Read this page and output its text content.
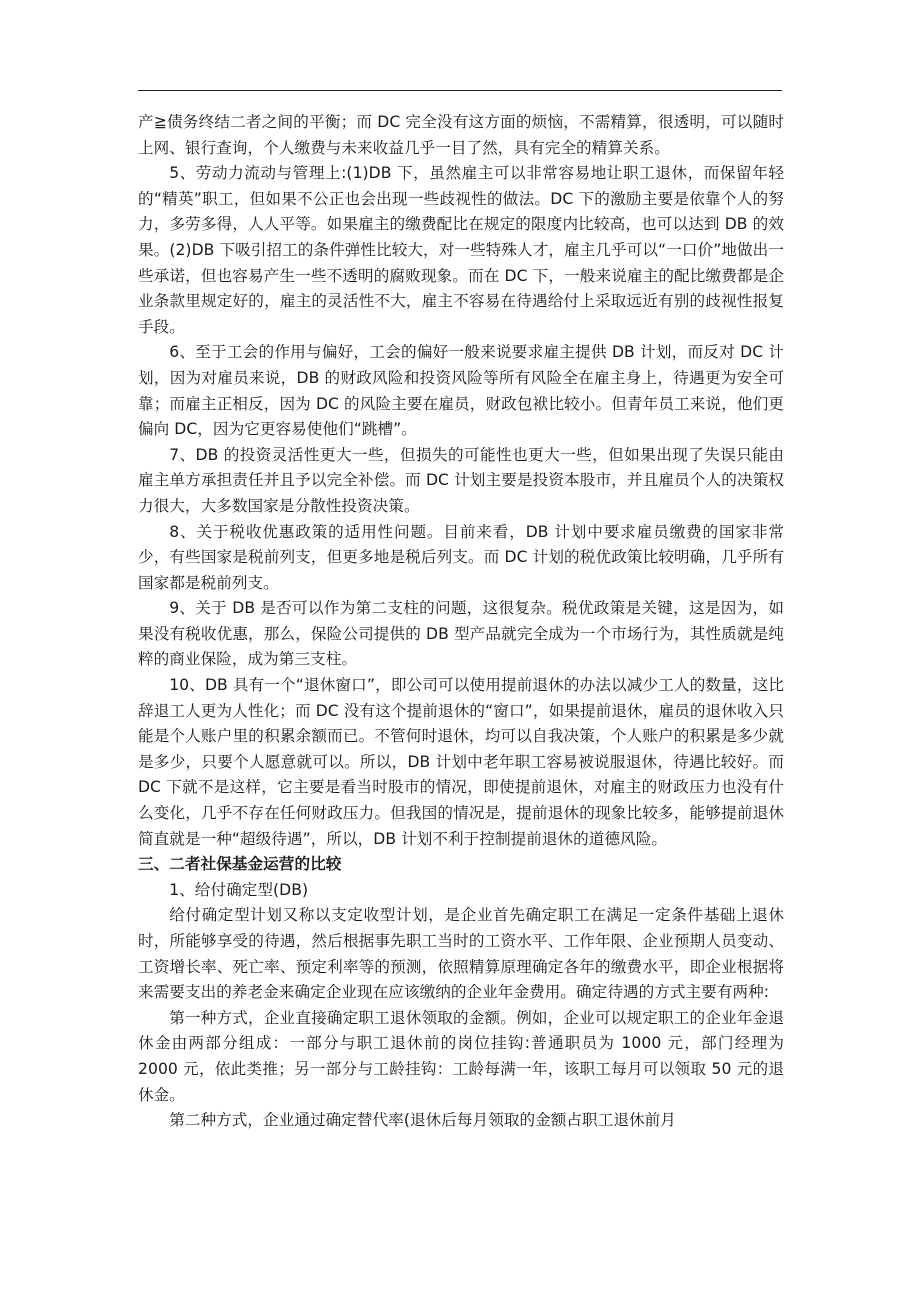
产≧债务终结二者之间的平衡；而 DC 完全没有这方面的烦恼，不需精算，很透明，可以随时上网、银行查询，个人缴费与未来收益几乎一目了然，具有完全的精算关系。

5、劳动力流动与管理上:(1)DB 下，虽然雇主可以非常容易地让职工退休，而保留年轻的“精英”职工，但如果不公正也会出现一些歧视性的做法。DC 下的激励主要是依靠个人的努力，多劳多得，人人平等。如果雇主的缴费配比在规定的限度内比较高，也可以达到 DB 的效果。(2)DB 下吸引招工的条件弹性比较大，对一些特殊人才，雇主几乎可以“一口价”地做出一些承诺，但也容易产生一些不透明的腐败现象。而在 DC 下，一般来说雇主的配比缴费都是企业条款里规定好的，雇主的灵活性不大，雇主不容易在待遇给付上采取远近有别的歧视性报复手段。

6、至于工会的作用与偏好，工会的偏好一般来说要求雇主提供 DB 计划，而反对 DC 计划，因为对雇员来说，DB 的财政风险和投资风险等所有风险全在雇主身上，待遇更为安全可靠；而雇主正相反，因为 DC 的风险主要在雇员，财政包袱比较小。但青年员工来说，他们更偏向 DC，因为它更容易使他们“跳槽”。

7、DB 的投资灵活性更大一些，但损失的可能性也更大一些，但如果出现了失误只能由雇主单方承担责任并且予以完全补偿。而 DC 计划主要是投资本股市，并且雇员个人的决策权力很大，大多数国家是分散性投资决策。

8、关于税收优惠政策的适用性问题。目前来看，DB 计划中要求雇员缴费的国家非常少，有些国家是税前列支，但更多地是税后列支。而 DC 计划的税优政策比较明确，几乎所有国家都是税前列支。

9、关于 DB 是否可以作为第二支柱的问题，这很复杂。税优政策是关键，这是因为，如果没有税收优惠，那么，保险公司提供的 DB 型产品就完全成为一个市场行为，其性质就是纯粹的商业保险，成为第三支柱。

10、DB 具有一个“退休窗口”，即公司可以使用提前退休的办法以减少工人的数量，这比辞退工人更为人性化；而 DC 没有这个提前退休的“窗口”，如果提前退休，雇员的退休收入只能是个人账户里的积累余额而已。不管何时退休，均可以自我决策，个人账户的积累是多少就是多少，只要个人愿意就可以。所以，DB 计划中老年职工容易被说服退休，待遇比较好。而 DC 下就不是这样，它主要是看当时股市的情况，即使提前退休，对雇主的财政压力也没有什么变化，几乎不存在任何财政压力。但我国的情况是，提前退休的现象比较多，能够提前退休简直就是一种“超级待遇”，所以，DB 计划不利于控制提前退休的道德风险。

三、二者社保基金运营的比较

1、给付确定型(DB)

给付确定型计划又称以支定收型计划，是企业首先确定职工在满足一定条件基础上退休时，所能够享受的待遇，然后根据事先职工当时的工资水平、工作年限、企业预期人员变动、工资增长率、死亡率、预定利率等的预测，依照精算原理确定各年的缴费水平，即企业根据将来需要支出的养老金来确定企业现在应该缴纳的企业年金费用。确定待遇的方式主要有两种:

第一种方式，企业直接确定职工退休领取的金额。例如，企业可以规定职工的企业年金退休金由两部分组成：一部分与职工退休前的岗位挂钩:普通职员为 1000 元，部门经理为 2000 元，依此类推；另一部分与工龄挂钩：工龄每满一年，该职工每月可以领取 50 元的退休金。

第二种方式，企业通过确定替代率(退休后每月领取的金额占职工退休前月
